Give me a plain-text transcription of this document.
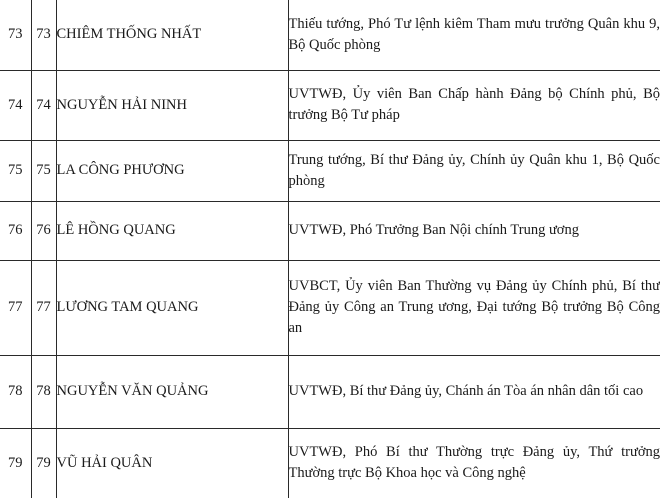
73	73	CHIÊM THỐNG NHẤT	Thiếu tướng, Phó Tư lệnh kiêm Tham mưu trưởng Quân khu 9, Bộ Quốc phòng
74	74	NGUYỄN HẢI NINH	UVTWĐ, Ủy viên Ban Chấp hành Đảng bộ Chính phủ, Bộ trưởng Bộ Tư pháp
75	75	LA CÔNG PHƯƠNG	Trung tướng, Bí thư Đảng ủy, Chính ủy Quân khu 1, Bộ Quốc phòng
76	76	LÊ HỒNG QUANG	UVTWĐ, Phó Trưởng Ban Nội chính Trung ương
77	77	LƯƠNG TAM QUANG	UVBCT, Ủy viên Ban Thường vụ Đảng ủy Chính phủ, Bí thư Đảng ủy Công an Trung ương, Đại tướng Bộ trưởng Bộ Công an
78	78	NGUYỄN VĂN QUẢNG	UVTWĐ, Bí thư Đảng ủy, Chánh án Tòa án nhân dân tối cao
79	79	VŨ HẢI QUÂN	UVTWĐ, Phó Bí thư Thường trực Đảng ủy, Thứ trưởng Thường trực Bộ Khoa học và Công nghệ
